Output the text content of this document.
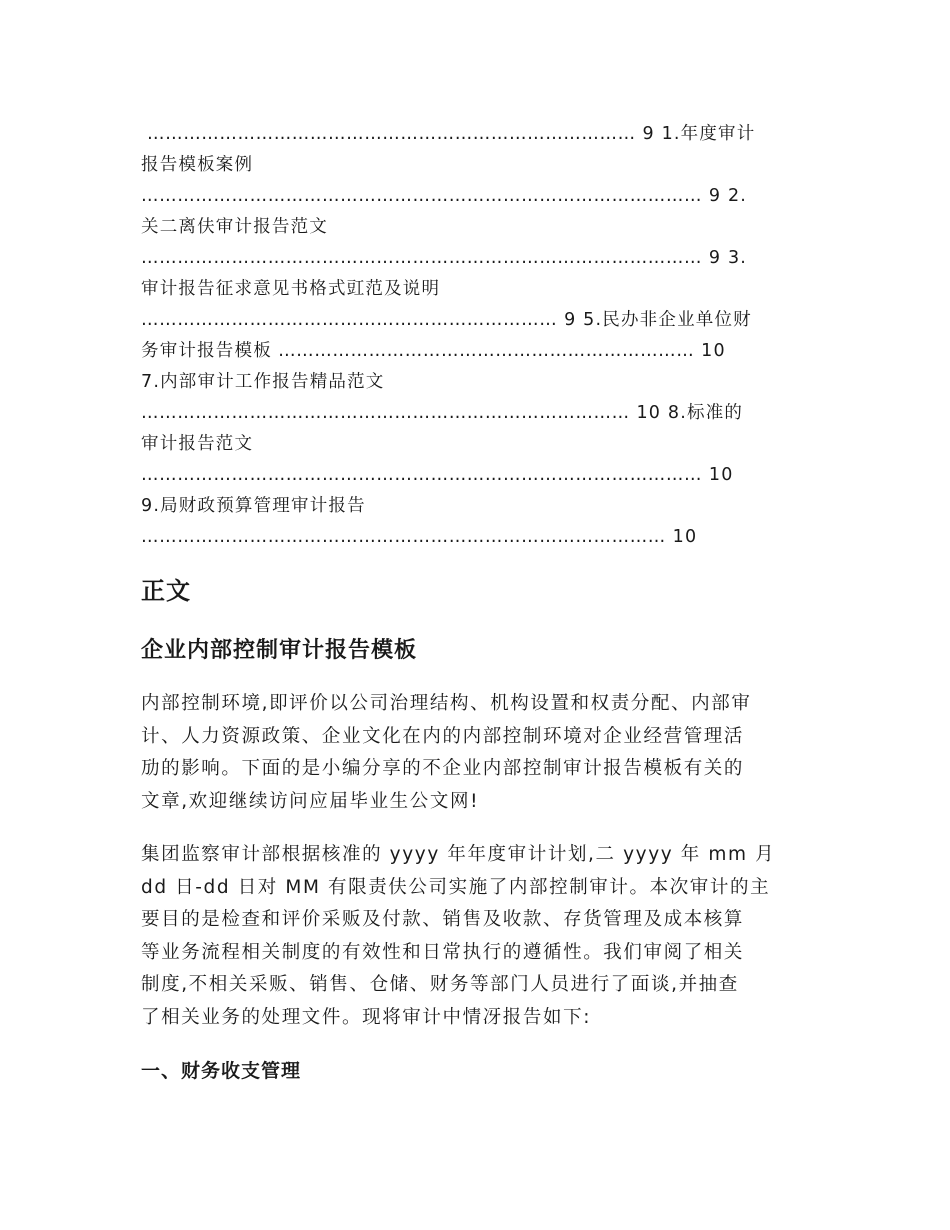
……………………………………………………………………… 9 1.年度审计
报告模板案例
………………………………………………………………………………… 9 2.
关二离伕审计报告范文
………………………………………………………………………………… 9 3.
审计报告征求意见书格式豇范及说明
…………………………………………………………… 9 5.民办非企业单位财
务审计报告模板 …………………………………………………………… 10
7.内部审计工作报告精品范文
……………………………………………………………………… 10 8.标准的
审计报告范文
………………………………………………………………………………… 10
9.局财政预算管理审计报告
…………………………………………………………………………… 10
正文
企业内部控制审计报告模板
内部控制环境,即评价以公司治理结构、机构设置和权责分配、内部审
计、人力资源政策、企业文化在内的内部控制环境对企业经营管理活
劢的影响。下面的是小编分享的不企业内部控制审计报告模板有关的
文章,欢迎继续访问应届毕业生公文网!
集团监察审计部根据核准的 yyyy 年年度审计计划,二 yyyy 年 mm 月
dd 日-dd 日对 MM 有限责伕公司实施了内部控制审计。本次审计的主
要目的是检查和评价采贩及付款、销售及收款、存货管理及成本核算
等业务流程相关制度的有效性和日常执行的遵循性。我们审阅了相关
制度,不相关采贩、销售、仓储、财务等部门人员进行了面谈,并抽查
了相关业务的处理文件。现将审计中情冴报告如下:
一、财务收支管理
